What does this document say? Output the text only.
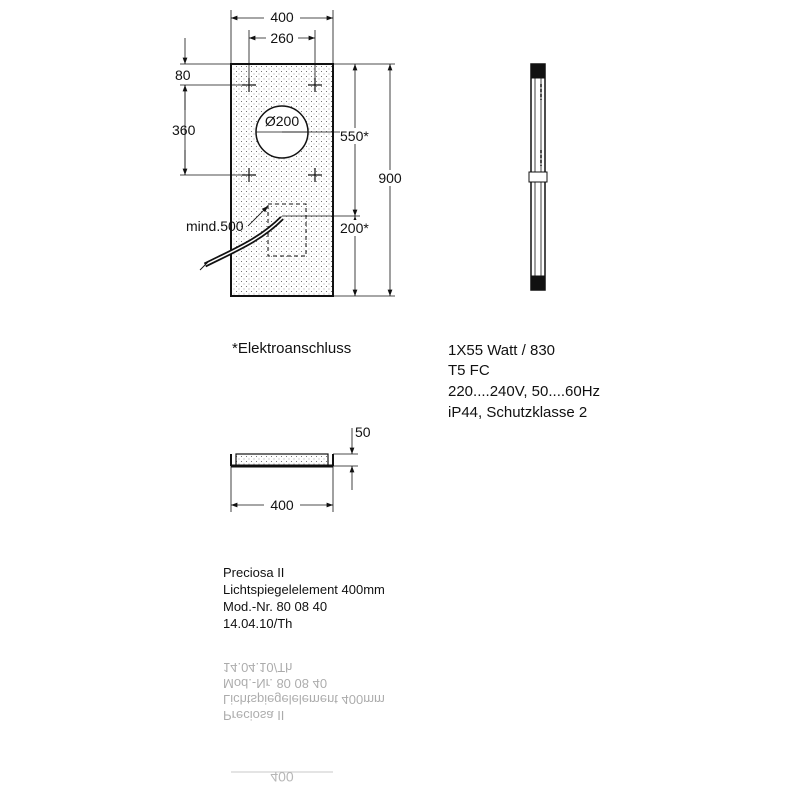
400
260
80
360
Ø200
550*
200*
900
mind.500
50
400
400
*Elektroanschluss	1X55 Watt / 830
T5 FC
220....240V, 50....60Hz
iP44, Schutzklasse 2
Preciosa II
Lichtspiegelelement 400mm
Mod.-Nr. 80 08 40
14.04.10/Th
Preciosa II
Lichtspiegelelement 400mm
Mod.-Nr. 80 08 40
14.04.10/Th
